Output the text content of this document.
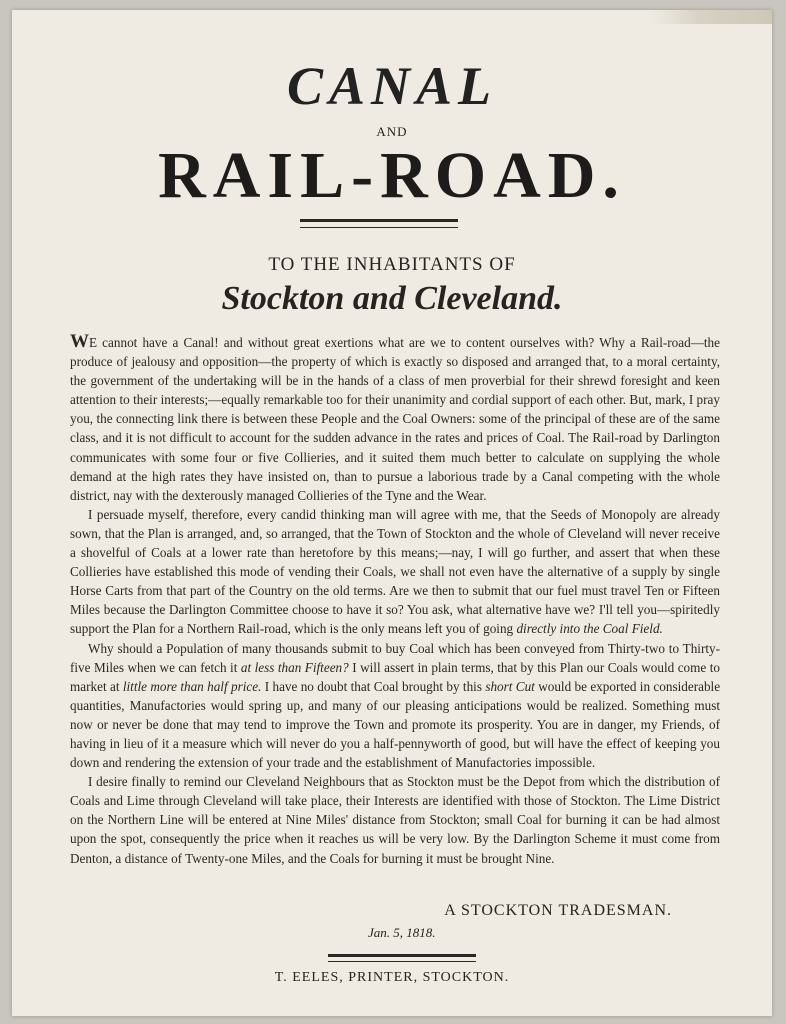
CANAL
AND
RAIL-ROAD.
TO THE INHABITANTS OF
Stockton and Cleveland.

WE cannot have a Canal! and without great exertions what are we to content ourselves with? Why a Rail-road—the produce of jealousy and opposition—the property of which is exactly so disposed and arranged that, to a moral certainty, the government of the undertaking will be in the hands of a class of men proverbial for their shrewd foresight and keen attention to their interests;—equally remarkable too for their unanimity and cordial support of each other. But, mark, I pray you, the connecting link there is between these People and the Coal Owners: some of the principal of these are of the same class, and it is not difficult to account for the sudden advance in the rates and prices of Coal. The Rail-road by Darlington communicates with some four or five Collieries, and it suited them much better to calculate on supplying the whole demand at the high rates they have insisted on, than to pursue a laborious trade by a Canal competing with the whole district, nay with the dexterously managed Collieries of the Tyne and the Wear.

I persuade myself, therefore, every candid thinking man will agree with me, that the Seeds of Monopoly are already sown, that the Plan is arranged, and, so arranged, that the Town of Stockton and the whole of Cleveland will never receive a shovelful of Coals at a lower rate than heretofore by this means;—nay, I will go further, and assert that when these Collieries have established this mode of vending their Coals, we shall not even have the alternative of a supply by single Horse Carts from that part of the Country on the old terms. Are we then to submit that our fuel must travel Ten or Fifteen Miles because the Darlington Committee choose to have it so? You ask, what alternative have we? I'll tell you—spiritedly support the Plan for a Northern Rail-road, which is the only means left you of going directly into the Coal Field.

Why should a Population of many thousands submit to buy Coal which has been conveyed from Thirty-two to Thirty-five Miles when we can fetch it at less than Fifteen? I will assert in plain terms, that by this Plan our Coals would come to market at little more than half price. I have no doubt that Coal brought by this short Cut would be exported in considerable quantities, Manufactories would spring up, and many of our pleasing anticipations would be realized. Something must now or never be done that may tend to improve the Town and promote its prosperity. You are in danger, my Friends, of having in lieu of it a measure which will never do you a half-pennyworth of good, but will have the effect of keeping you down and rendering the extension of your trade and the establishment of Manufactories impossible.

I desire finally to remind our Cleveland Neighbours that as Stockton must be the Depot from which the distribution of Coals and Lime through Cleveland will take place, their Interests are identified with those of Stockton. The Lime District on the Northern Line will be entered at Nine Miles' distance from Stockton; small Coal for burning it can be had almost upon the spot, consequently the price when it reaches us will be very low. By the Darlington Scheme it must come from Denton, a distance of Twenty-one Miles, and the Coals for burning it must be brought Nine.

A STOCKTON TRADESMAN.
Jan. 5, 1818.
T. EELES, PRINTER, STOCKTON.
